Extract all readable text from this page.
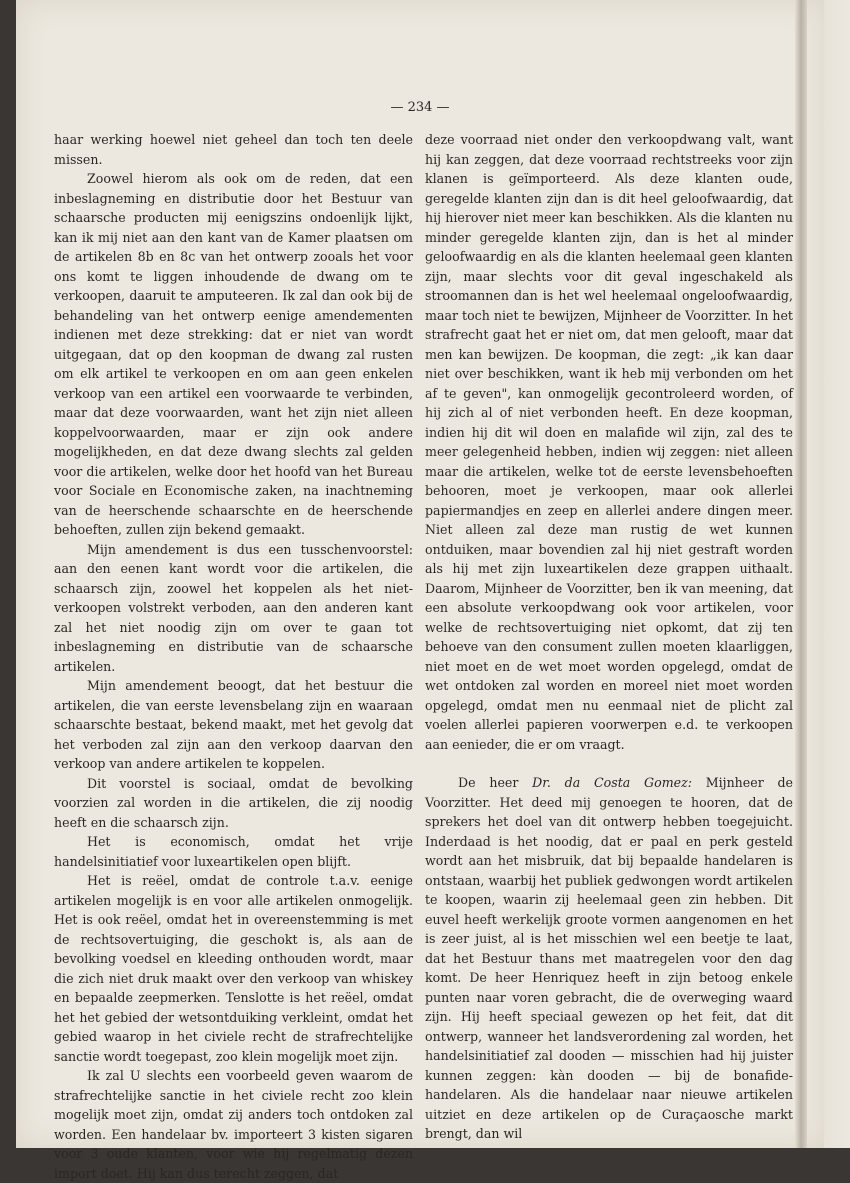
— 234 —

haar werking hoewel niet geheel dan toch ten deele missen.

Zoowel hierom als ook om de reden, dat een inbeslagneming en distributie door het Bestuur van schaarsche producten mij eenigszins ondoenlijk lijkt, kan ik mij niet aan den kant van de Kamer plaatsen om de artikelen 8b en 8c van het ontwerp zooals het voor ons komt te liggen inhoudende de dwang om te verkoopen, daaruit te amputeeren. Ik zal dan ook bij de behandeling van het ontwerp eenige amendementen indienen met deze strekking: dat er niet van wordt uitgegaan, dat op den koopman de dwang zal rusten om elk artikel te verkoopen en om aan geen enkelen verkoop van een artikel een voorwaarde te verbinden, maar dat deze voorwaarden, want het zijn niet alleen koppelvoorwaarden, maar er zijn ook andere mogelijkheden, en dat deze dwang slechts zal gelden voor die artikelen, welke door het hoofd van het Bureau voor Sociale en Economische zaken, na inachtneming van de heerschende schaarschte en de heerschende behoeften, zullen zijn bekend gemaakt.

Mijn amendement is dus een tusschenvoorstel: aan den eenen kant wordt voor die artikelen, die schaarsch zijn, zoowel het koppelen als het niet-verkoopen volstrekt verboden, aan den anderen kant zal het niet noodig zijn om over te gaan tot inbeslagneming en distributie van de schaarsche artikelen.

Mijn amendement beoogt, dat het bestuur die artikelen, die van eerste levensbelang zijn en waaraan schaarschte bestaat, bekend maakt, met het gevolg dat het verboden zal zijn aan den verkoop daarvan den verkoop van andere artikelen te koppelen.

Dit voorstel is sociaal, omdat de bevolking voorzien zal worden in die artikelen, die zij noodig heeft en die schaarsch zijn.

Het is economisch, omdat het vrije handelsinitiatief voor luxeartikelen open blijft.

Het is reëel, omdat de controle t.a.v. eenige artikelen mogelijk is en voor alle artikelen onmogelijk. Het is ook reëel, omdat het in overeenstemming is met de rechtsovertuiging, die geschokt is, als aan de bevolking voedsel en kleeding onthouden wordt, maar die zich niet druk maakt over den verkoop van whiskey en bepaalde zeepmerken. Tenslotte is het reëel, omdat het het gebied der wetsontduiking verkleint, omdat het gebied waarop in het civiele recht de strafrechtelijke sanctie wordt toegepast, zoo klein mogelijk moet zijn.

Ik zal U slechts een voorbeeld geven waarom de strafrechtelijke sanctie in het civiele recht zoo klein mogelijk moet zijn, omdat zij anders toch ontdoken zal worden. Een handelaar bv. importeert 3 kisten sigaren voor 3 oude klanten, voor wie hij regelmatig dezen import doet. Hij kan dus terecht zeggen, dat

deze voorraad niet onder den verkoopdwang valt, want hij kan zeggen, dat deze voorraad rechtstreeks voor zijn klanen is geïmporteerd. Als deze klanten oude, geregelde klanten zijn dan is dit heel geloofwaardig, dat hij hierover niet meer kan beschikken. Als die klanten nu minder geregelde klanten zijn, dan is het al minder geloofwaardig en als die klanten heelemaal geen klanten zijn, maar slechts voor dit geval ingeschakeld als stroomannen dan is het wel heelemaal ongeloofwaardig, maar toch niet te bewijzen, Mijnheer de Voorzitter. In het strafrecht gaat het er niet om, dat men gelooft, maar dat men kan bewijzen. De koopman, die zegt: „ik kan daar niet over beschikken, want ik heb mij verbonden om het af te geven", kan onmogelijk gecontroleerd worden, of hij zich al of niet verbonden heeft. En deze koopman, indien hij dit wil doen en malafide wil zijn, zal des te meer gelegenheid hebben, indien wij zeggen: niet alleen maar die artikelen, welke tot de eerste levensbehoeften behooren, moet je verkoopen, maar ook allerlei papiermandjes en zeep en allerlei andere dingen meer. Niet alleen zal deze man rustig de wet kunnen ontduiken, maar bovendien zal hij niet gestraft worden als hij met zijn luxeartikelen deze grappen uithaalt. Daarom, Mijnheer de Voorzitter, ben ik van meening, dat een absolute verkoopdwang ook voor artikelen, voor welke de rechtsovertuiging niet opkomt, dat zij ten behoeve van den consument zullen moeten klaarliggen, niet moet en de wet moet worden opgelegd, omdat de wet ontdoken zal worden en moreel niet moet worden opgelegd, omdat men nu eenmaal niet de plicht zal voelen allerlei papieren voorwerpen e.d. te verkoopen aan eenieder, die er om vraagt.

De heer Dr. da Costa Gomez: Mijnheer de Voorzitter. Het deed mij genoegen te hooren, dat de sprekers het doel van dit ontwerp hebben toegejuicht. Inderdaad is het noodig, dat er paal en perk gesteld wordt aan het misbruik, dat bij bepaalde handelaren is ontstaan, waarbij het publiek gedwongen wordt artikelen te koopen, waarin zij heelemaal geen zin hebben. Dit euvel heeft werkelijk groote vormen aangenomen en het is zeer juist, al is het misschien wel een beetje te laat, dat het Bestuur thans met maatregelen voor den dag komt. De heer Henriquez heeft in zijn betoog enkele punten naar voren gebracht, die de overweging waard zijn. Hij heeft speciaal gewezen op het feit, dat dit ontwerp, wanneer het landsverordening zal worden, het handelsinitiatief zal dooden — misschien had hij juister kunnen zeggen: kàn dooden — bij de bonafide-handelaren. Als die handelaar naar nieuwe artikelen uitziet en deze artikelen op de Curaçaosche markt brengt, dan wil
